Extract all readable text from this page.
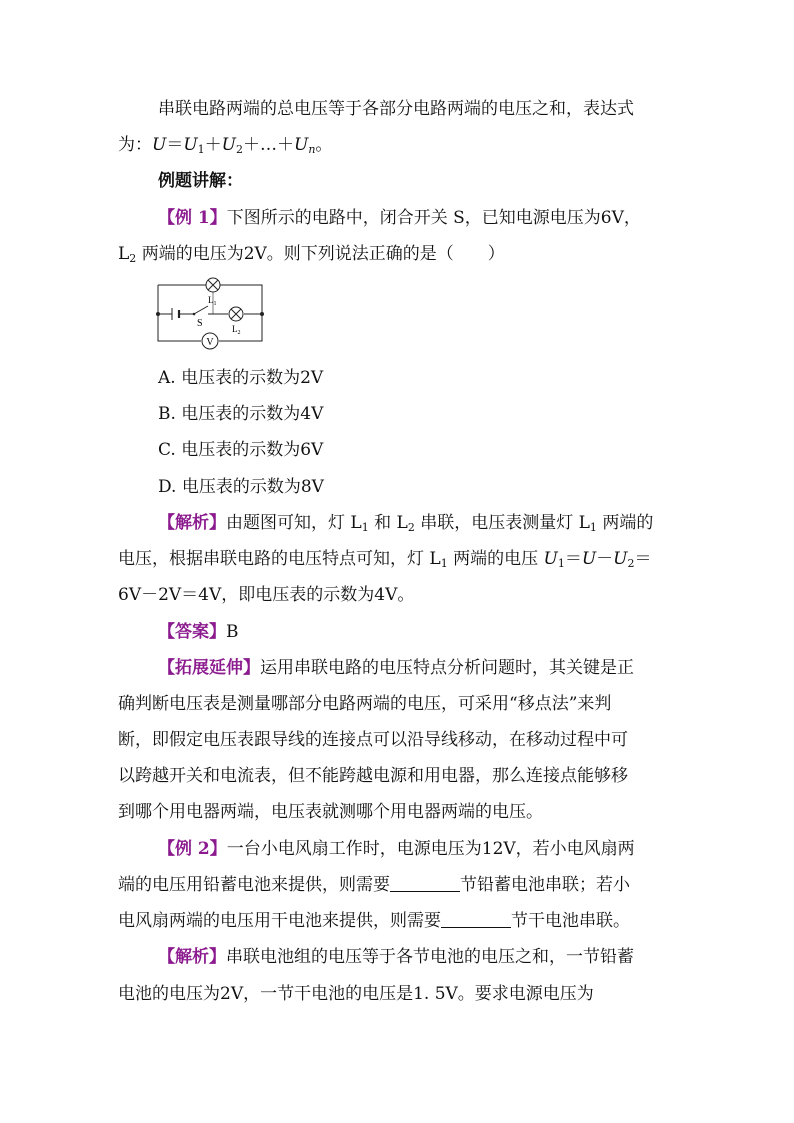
串联电路两端的总电压等于各部分电路两端的电压之和，表达式
为：$U=U_1+U_2+\dots+U_n$。
例题讲解：
【例 1】下图所示的电路中，闭合开关 S，已知电源电压为6V，
$L_2$ 两端的电压为2V。则下列说法正确的是（　　）
V
S
$L_1$
$L_2$
A. 电压表的示数为2V
B. 电压表的示数为4V
C. 电压表的示数为6V
D. 电压表的示数为8V
【解析】由题图可知，灯 $L_1$ 和 $L_2$ 串联，电压表测量灯 $L_1$ 两端的
电压，根据串联电路的电压特点可知，灯 $L_1$ 两端的电压 $U_1=U-U_2=$
6V－2V＝4V，即电压表的示数为4V。
【答案】B
【拓展延伸】运用串联电路的电压特点分析问题时，其关键是正
确判断电压表是测量哪部分电路两端的电压，可采用“移点法”来判
断，即假定电压表跟导线的连接点可以沿导线移动，在移动过程中可
以跨越开关和电流表，但不能跨越电源和用电器，那么连接点能够移
到哪个用电器两端，电压表就测哪个用电器两端的电压。
【例 2】一台小电风扇工作时，电源电压为12V，若小电风扇两
端的电压用铅蓄电池来提供，则需要	节铅蓄电池串联；若小
电风扇两端的电压用干电池来提供，则需要	节干电池串联。
【解析】串联电池组的电压等于各节电池的电压之和，一节铅蓄
电池的电压为2V，一节干电池的电压是1. 5V。要求电源电压为
